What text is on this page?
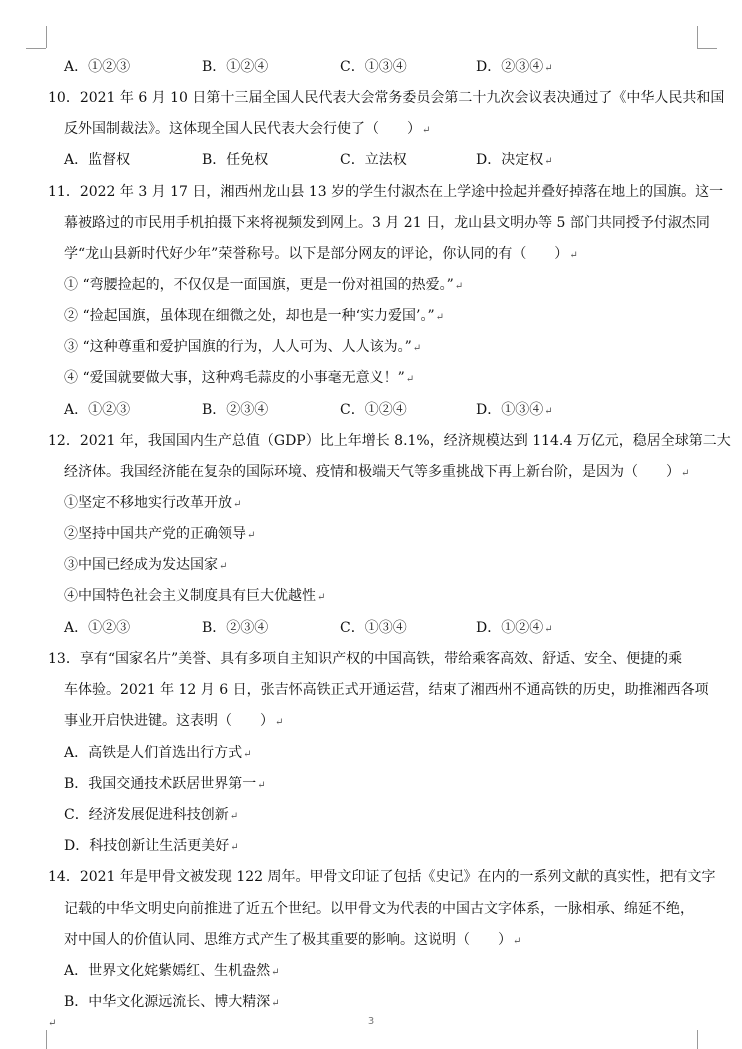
A．①②③	B．①②④	C．①③④	D．②③④↵
10．2021 年 6 月 10 日第十三届全国人民代表大会常务委员会第二十九次会议表决通过了《中华人民共和国
反外国制裁法》。这体现全国人民代表大会行使了（　　）↵
A．监督权	B．任免权	C．立法权	D．决定权↵
11．2022 年 3 月 17 日，湘西州龙山县 13 岁的学生付淑杰在上学途中捡起并叠好掉落在地上的国旗。这一
幕被路过的市民用手机拍摄下来将视频发到网上。3 月 21 日，龙山县文明办等 5 部门共同授予付淑杰同
学“龙山县新时代好少年”荣誉称号。以下是部分网友的评论，你认同的有（　　）↵
① “弯腰捡起的，不仅仅是一面国旗，更是一份对祖国的热爱。”↵
② “捡起国旗，虽体现在细微之处，却也是一种‘实力爱国’。”↵
③ “这种尊重和爱护国旗的行为，人人可为、人人该为。”↵
④ “爱国就要做大事，这种鸡毛蒜皮的小事毫无意义！”↵
A．①②③	B．②③④	C．①②④	D．①③④↵
12．2021 年，我国国内生产总值（GDP）比上年增长 8.1%，经济规模达到 114.4 万亿元，稳居全球第二大
经济体。我国经济能在复杂的国际环境、疫情和极端天气等多重挑战下再上新台阶，是因为（　　）↵
①坚定不移地实行改革开放↵
②坚持中国共产党的正确领导↵
③中国已经成为发达国家↵
④中国特色社会主义制度具有巨大优越性↵
A．①②③	B．②③④	C．①③④	D．①②④↵
13．享有“国家名片”美誉、具有多项自主知识产权的中国高铁，带给乘客高效、舒适、安全、便捷的乘
车体验。2021 年 12 月 6 日，张吉怀高铁正式开通运营，结束了湘西州不通高铁的历史，助推湘西各项
事业开启快进键。这表明（　　）↵
A．高铁是人们首选出行方式↵
B．我国交通技术跃居世界第一↵
C．经济发展促进科技创新↵
D．科技创新让生活更美好↵
14．2021 年是甲骨文被发现 122 周年。甲骨文印证了包括《史记》在内的一系列文献的真实性，把有文字
记载的中华文明史向前推进了近五个世纪。以甲骨文为代表的中国古文字体系，一脉相承、绵延不绝，
对中国人的价值认同、思维方式产生了极其重要的影响。这说明（　　）↵
A．世界文化姹紫嫣红、生机盎然↵
B．中华文化源远流长、博大精深↵
↵	3
